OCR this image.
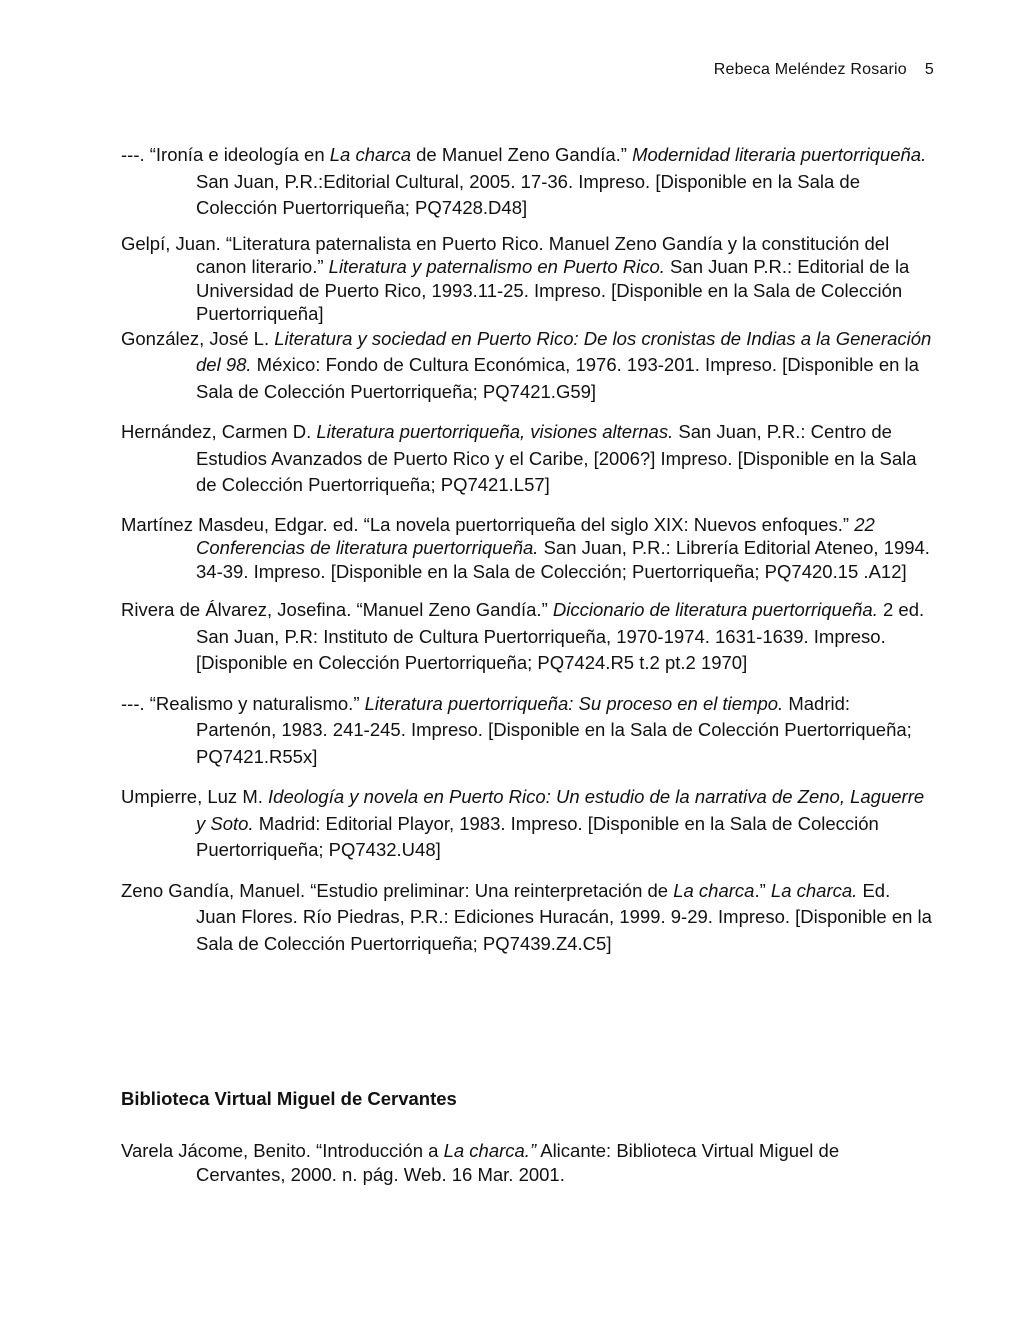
Rebeca Meléndez Rosario 5

---. “Ironía e ideología en La charca de Manuel Zeno Gandía.” Modernidad literaria puertorriqueña. San Juan, P.R.:Editorial Cultural, 2005. 17-36. Impreso. [Disponible en la Sala de Colección Puertorriqueña; PQ7428.D48]

Gelpí, Juan. “Literatura paternalista en Puerto Rico. Manuel Zeno Gandía y la constitución del canon literario.” Literatura y paternalismo en Puerto Rico. San Juan P.R.: Editorial de la Universidad de Puerto Rico, 1993.11-25. Impreso. [Disponible en la Sala de Colección Puertorriqueña]

González, José L. Literatura y sociedad en Puerto Rico: De los cronistas de Indias a la Generación del 98. México: Fondo de Cultura Económica, 1976. 193-201. Impreso. [Disponible en la Sala de Colección Puertorriqueña; PQ7421.G59]

Hernández, Carmen D. Literatura puertorriqueña, visiones alternas. San Juan, P.R.: Centro de Estudios Avanzados de Puerto Rico y el Caribe, [2006?] Impreso. [Disponible en la Sala de Colección Puertorriqueña; PQ7421.L57]

Martínez Masdeu, Edgar. ed. “La novela puertorriqueña del siglo XIX: Nuevos enfoques.” 22 Conferencias de literatura puertorriqueña. San Juan, P.R.: Librería Editorial Ateneo, 1994. 34-39. Impreso. [Disponible en la Sala de Colección; Puertorriqueña; PQ7420.15 .A12]

Rivera de Álvarez, Josefina. “Manuel Zeno Gandía.” Diccionario de literatura puertorriqueña. 2 ed. San Juan, P.R: Instituto de Cultura Puertorriqueña, 1970-1974. 1631-1639. Impreso. [Disponible en Colección Puertorriqueña; PQ7424.R5 t.2 pt.2 1970]

---. “Realismo y naturalismo.” Literatura puertorriqueña: Su proceso en el tiempo. Madrid: Partenón, 1983. 241-245. Impreso. [Disponible en la Sala de Colección Puertorriqueña; PQ7421.R55x]

Umpierre, Luz M. Ideología y novela en Puerto Rico: Un estudio de la narrativa de Zeno, Laguerre y Soto. Madrid: Editorial Playor, 1983. Impreso. [Disponible en la Sala de Colección Puertorriqueña; PQ7432.U48]

Zeno Gandía, Manuel. “Estudio preliminar: Una reinterpretación de La charca.” La charca. Ed. Juan Flores. Río Piedras, P.R.: Ediciones Huracán, 1999. 9-29. Impreso. [Disponible en la Sala de Colección Puertorriqueña; PQ7439.Z4.C5]

Biblioteca Virtual Miguel de Cervantes

Varela Jácome, Benito. “Introducción a La charca.” Alicante: Biblioteca Virtual Miguel de Cervantes, 2000. n. pág. Web. 16 Mar. 2001.
